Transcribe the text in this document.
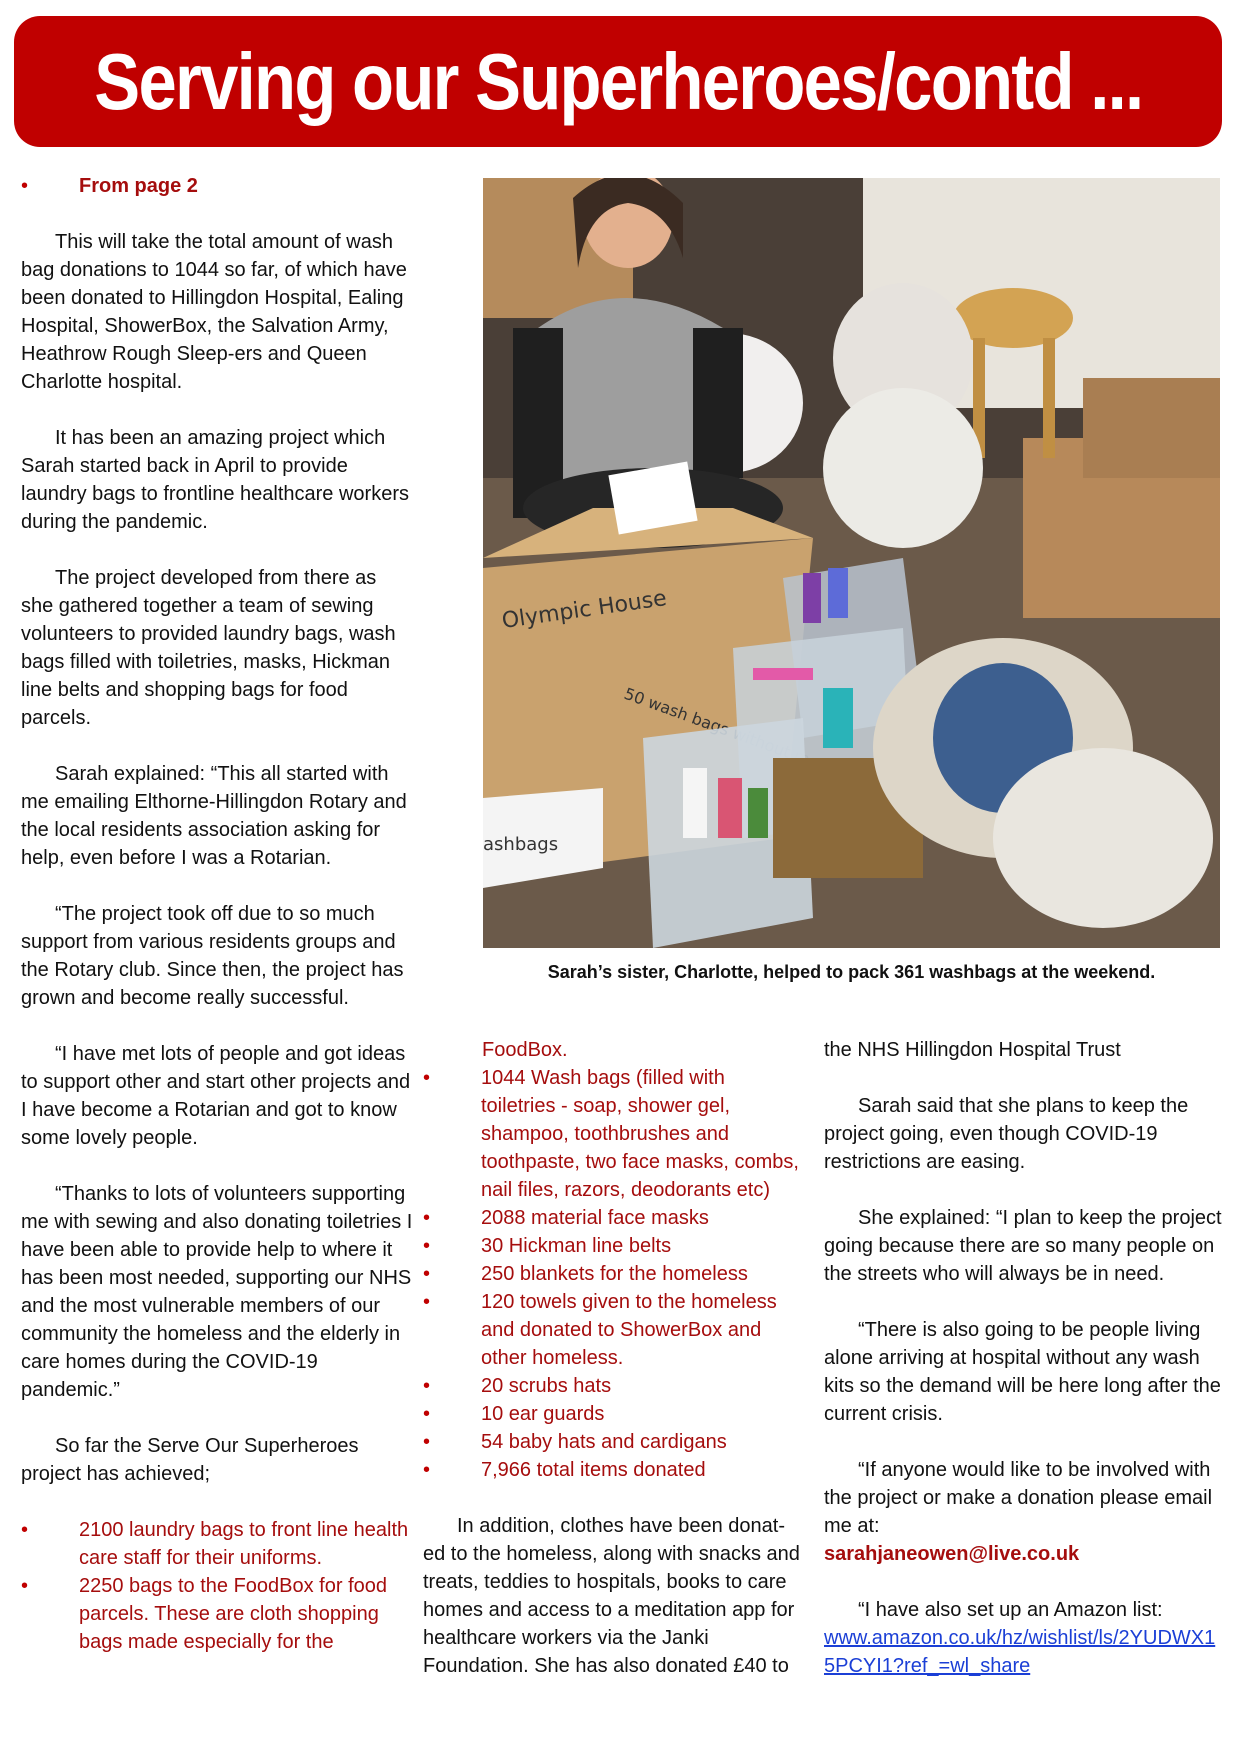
Serving our Superheroes/contd ...
•	From page 2

This will take the total amount of wash bag donations to 1044 so far, of which have been donated to Hillingdon Hospital, Ealing Hospital, ShowerBox, the Salvation Army, Heathrow Rough Sleep-ers and Queen Charlotte hospital.

It has been an amazing project which Sarah started back in April to provide laundry bags to frontline healthcare workers during the pandemic.

The project developed from there as she gathered together a team of sewing volunteers to provided laundry bags, wash bags filled with toiletries, masks, Hickman line belts and shopping bags for food parcels.

Sarah explained: “This all started with me emailing Elthorne-Hillingdon Rotary and the local residents association asking for help, even before I was a Rotarian.

“The project took off due to so much support from various residents groups and the Rotary club. Since then, the project has grown and become really successful.

“I have met lots of people and got ideas to support other and start other projects and I have become a Rotarian and got to know some lovely people.

“Thanks to lots of volunteers supporting me with sewing and also donating toiletries I have been able to provide help to where it has been most needed, supporting our NHS and the most vulnerable members of our community the homeless and the elderly in care homes during the COVID-19 pandemic.”

So far the Serve Our Superheroes project has achieved;

•	2100 laundry bags to front line health care staff for their uniforms.
•	2250 bags to the FoodBox for food parcels. These are cloth shopping bags made especially for the
Olympic House
50 wash bags
ashbags
Sarah’s sister, Charlotte, helped to pack 361 washbags at the weekend.

FoodBox.

•	1044 Wash bags (filled with toiletries - soap, shower gel, shampoo, toothbrushes and toothpaste, two face masks, combs, nail files, razors, deodorants etc)
•	2088 material face masks
•	30 Hickman line belts
•	250 blankets for the homeless
•	120 towels given to the homeless and donated to ShowerBox and other homeless.
•	20 scrubs hats
•	10 ear guards
•	54 baby hats and cardigans
•	7,966 total items donated

In addition, clothes have been donat-ed to the homeless, along with snacks and treats, teddies to hospitals, books to care homes and access to a meditation app for healthcare workers via the Janki Foundation. She has also donated £40 to

the NHS Hillingdon Hospital Trust

Sarah said that she plans to keep the project going, even though COVID-19 restrictions are easing.

She explained: “I plan to keep the project going because there are so many people on the streets who will always be in need.

“There is also going to be people living alone arriving at hospital without any wash kits so the demand will be here long after the current crisis.

“If anyone would like to be involved with the project or make a donation please email me at:

sarahjaneowen@live.co.uk

“I have also set up an Amazon list:

www.amazon.co.uk/hz/wishlist/ls/2YUDWX15PCYI1?ref_=wl_share
